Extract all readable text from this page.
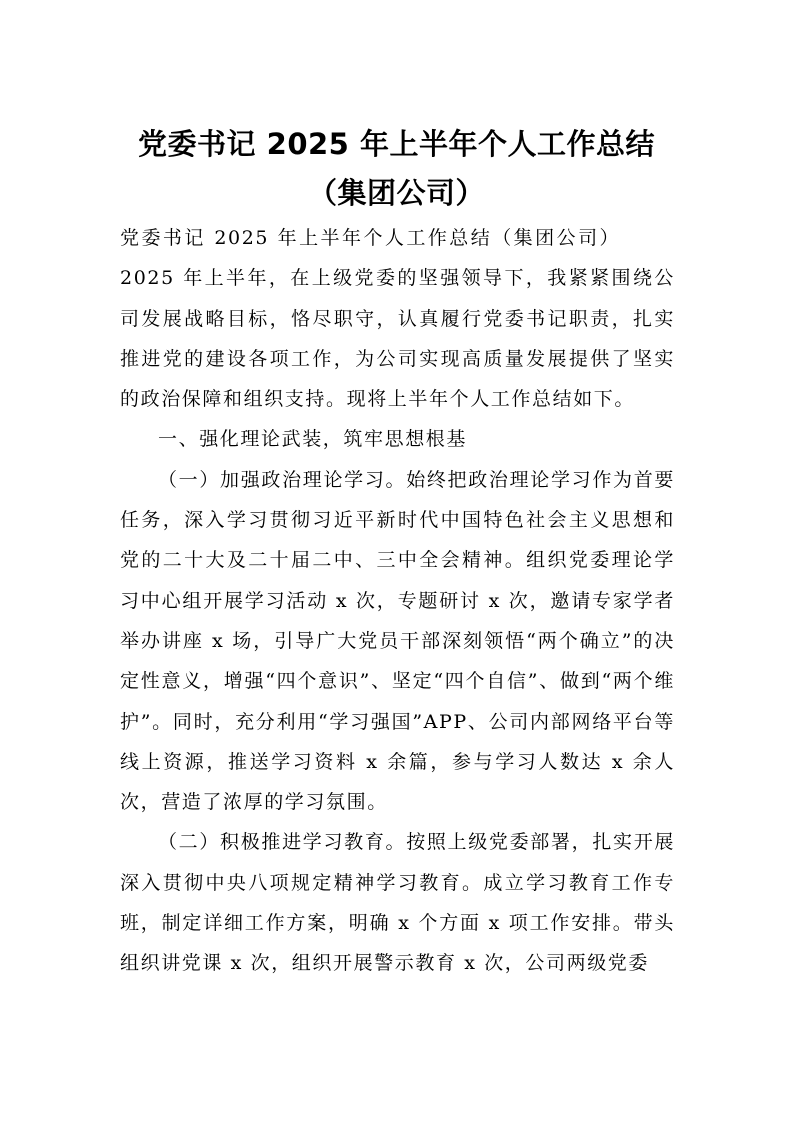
党委书记 2025 年上半年个人工作总结（集团公司）

党委书记 2025 年上半年个人工作总结（集团公司）2025 年上半年，在上级党委的坚强领导下，我紧紧围绕公司发展战略目标，恪尽职守，认真履行党委书记职责，扎实推进党的建设各项工作，为公司实现高质量发展提供了坚实的政治保障和组织支持。现将上半年个人工作总结如下。

一、强化理论武装，筑牢思想根基

（一）加强政治理论学习。始终把政治理论学习作为首要任务，深入学习贯彻习近平新时代中国特色社会主义思想和党的二十大及二十届二中、三中全会精神。组织党委理论学习中心组开展学习活动 x 次，专题研讨 x 次，邀请专家学者举办讲座 x 场，引导广大党员干部深刻领悟“两个确立”的决定性意义，增强“四个意识”、坚定“四个自信”、做到“两个维护”。同时，充分利用“学习强国”APP、公司内部网络平台等线上资源，推送学习资料 x 余篇，参与学习人数达 x 余人次，营造了浓厚的学习氛围。

（二）积极推进学习教育。按照上级党委部署，扎实开展深入贯彻中央八项规定精神学习教育。成立学习教育工作专班，制定详细工作方案，明确 x 个方面 x 项工作安排。带头组织讲党课 x 次，组织开展警示教育 x 次，公司两级党委
